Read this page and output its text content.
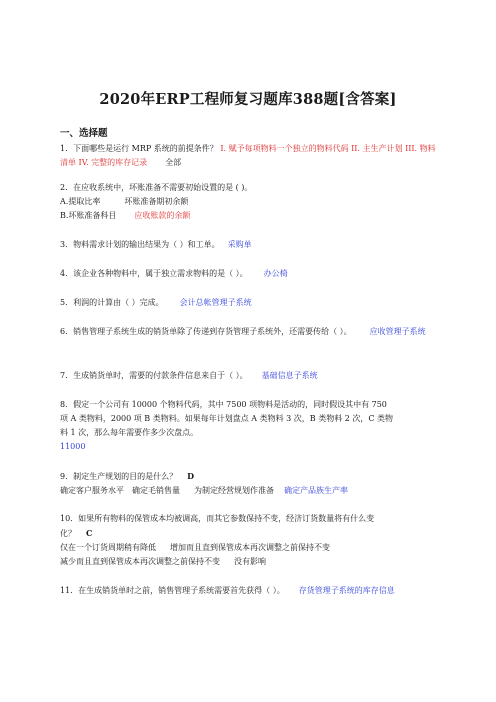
2020年ERP工程师复习题库388题[含答案]
一、选择题
1．下面哪些是运行 MRP 系统的前提条件？ I. 赋予每项物料一个独立的物料代码 II. 主生产计划 III. 物料清单 IV. 完整的库存记录 全部
2．在应收系统中，坏账准备不需要初始设置的是 ( )。
A.提取比率	坏账准备期初余额
B.坏账准备科目 应收账款的余额
3．物料需求计划的输出结果为（ ）和工单。 采购单
4．该企业各种物料中，属于独立需求物料的是（ ）。 办公椅
5．利润的计算由（ ）完成。 会计总帐管理子系统
6．销售管理子系统生成的销货单除了传递到存货管理子系统外，还需要传给（ ）。 应收管理子系统
7．生成销货单时，需要的付款条件信息来自于（ ）。 基础信息子系统
8．假定一个公司有 10000 个物料代码，其中 7500 项物料是活动的，同时假设其中有 750
项 A 类物料，2000 项 B 类物料。如果每年计划盘点 A 类物料 3 次，B 类物料 2 次，C 类物
料 1 次，那么每年需要作多少次盘点。
11000
9．制定生产规划的目的是什么？ D
确定客户服务水平 确定毛销售量 为制定经营规划作准备 确定产品族生产率
10．如果所有物料的保管成本均被调高，而其它参数保持不变，经济订货数量将有什么变
化？ C
仅在一个订货周期稍有降低 增加而且直到保管成本再次调整之前保持不变
减少而且直到保管成本再次调整之前保持不变 没有影响
11．在生成销货单时之前，销售管理子系统需要首先获得（ ）。 存货管理子系统的库存信息
